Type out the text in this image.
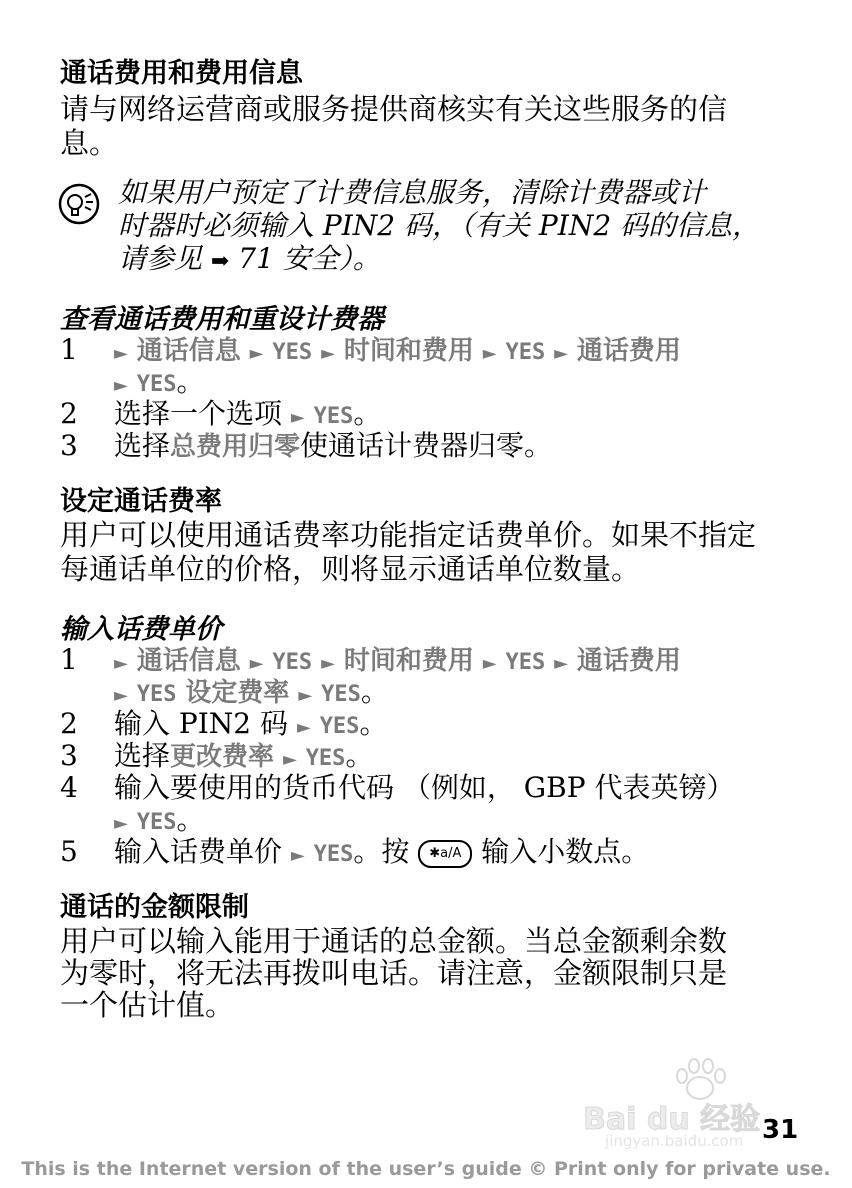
通话费用和费用信息
请与网络运营商或服务提供商核实有关这些服务的信息。
如果用户预定了计费信息服务，清除计费器或计
时器时必须输入 PIN2 码，（有关 PIN2 码的信息，
请参见 ➡ 71 安全）。
查看通话费用和重设计费器
1	► 通话信息 ► YES ► 时间和费用 ► YES ► 通话费用
► YES。
2	选择一个选项 ► YES。
3	选择总费用归零使通话计费器归零。
设定通话费率
用户可以使用通话费率功能指定话费单价。如果不指定
每通话单位的价格，则将显示通话单位数量。
输入话费单价
1	► 通话信息 ► YES ► 时间和费用 ► YES ► 通话费用
► YES 设定费率 ► YES。
2	输入 PIN2 码 ► YES。
3	选择更改费率 ► YES。
4	输入要使用的货币代码 （例如， GBP 代表英镑）
► YES。
5	输入话费单价 ► YES。按 ✱a/A 输入小数点。
通话的金额限制
用户可以输入能用于通话的总金额。当总金额剩余数
为零时，将无法再拨叫电话。请注意，金额限制只是
一个估计值。
Bai du 经验
jingyan.baidu.com 31
This is the Internet version of the user’s guide © Print only for private use.
